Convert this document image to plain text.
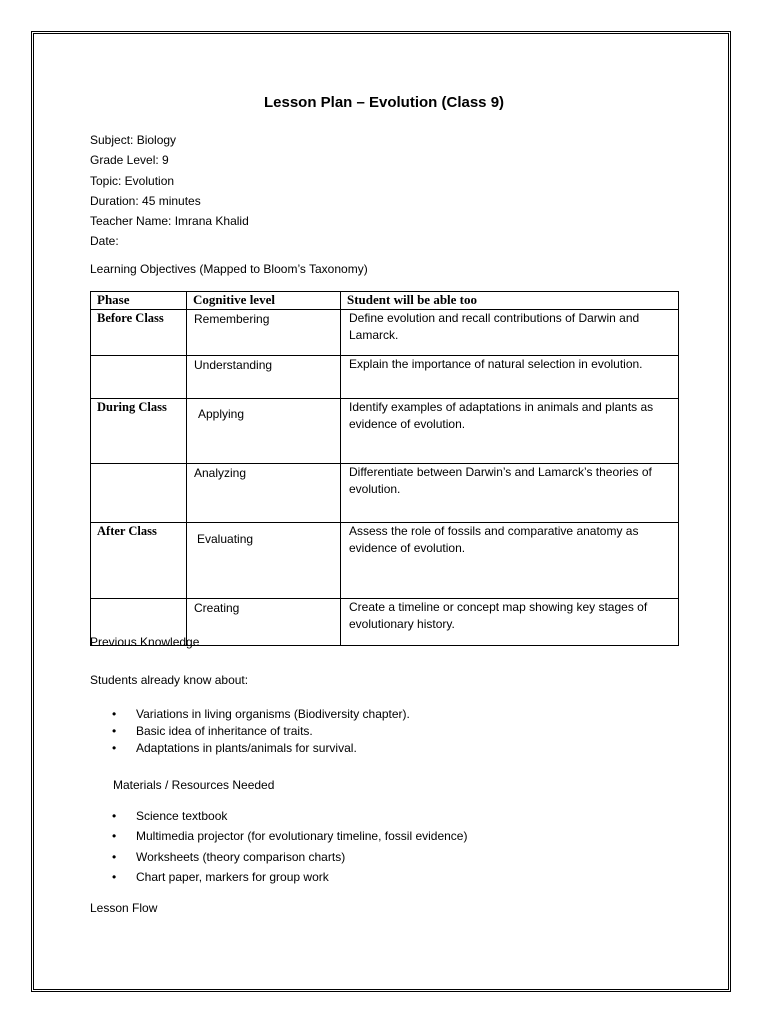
Lesson Plan – Evolution (Class 9)
Subject: Biology
Grade Level: 9
Topic: Evolution
Duration: 45 minutes
Teacher Name: Imrana Khalid
Date:
Learning Objectives (Mapped to Bloom’s Taxonomy)
Phase	Cognitive level	Student will be able too
Before Class	Remembering	Define evolution and recall contributions of Darwin and Lamarck.
	Understanding	Explain the importance of natural selection in evolution.
During Class	Applying	Identify examples of adaptations in animals and plants as evidence of evolution.
	Analyzing	Differentiate between Darwin’s and Lamarck’s theories of evolution.
After Class	Evaluating	Assess the role of fossils and comparative anatomy as evidence of evolution.
	Creating	Create a timeline or concept map showing key stages of evolutionary history.
Previous Knowledge
Students already know about:
• Variations in living organisms (Biodiversity chapter).
• Basic idea of inheritance of traits.
• Adaptations in plants/animals for survival.
Materials / Resources Needed
• Science textbook
• Multimedia projector (for evolutionary timeline, fossil evidence)
• Worksheets (theory comparison charts)
• Chart paper, markers for group work
Lesson Flow
